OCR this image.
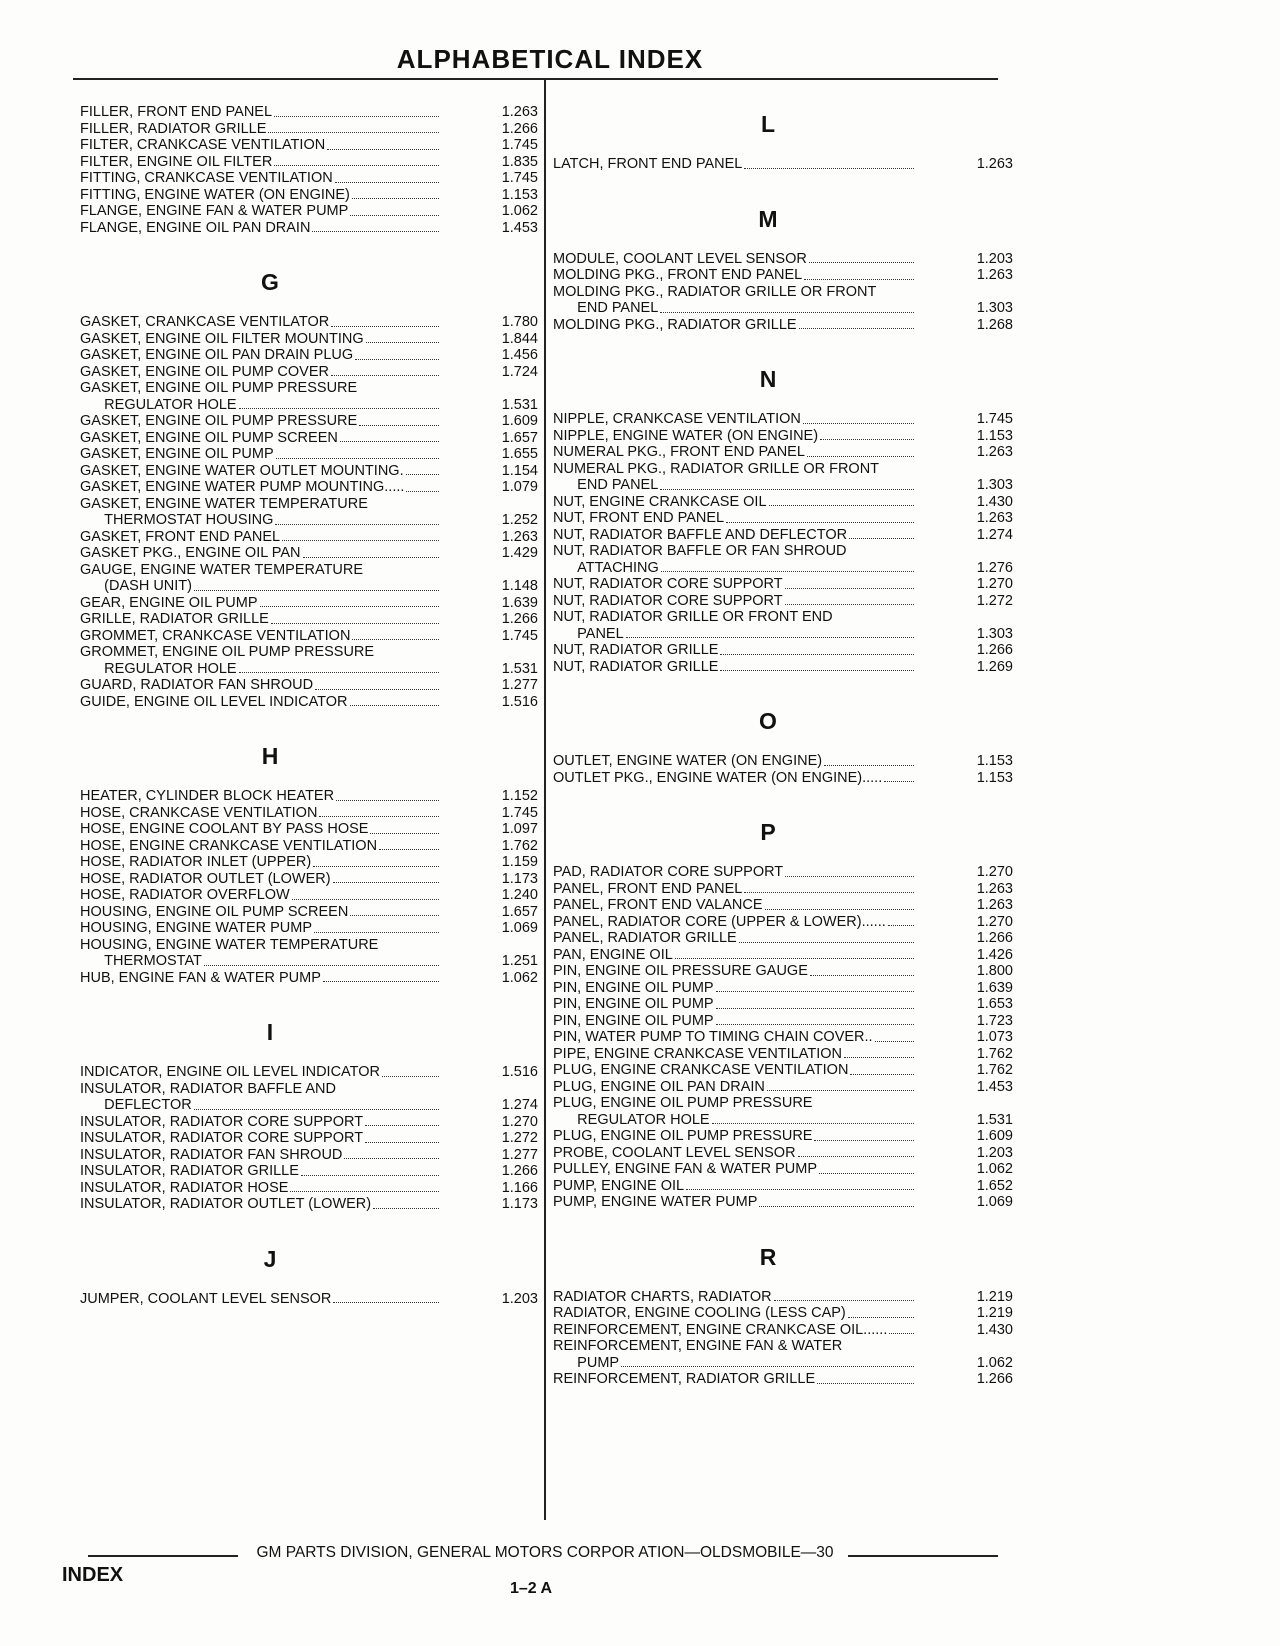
ALPHABETICAL INDEX
FILLER, FRONT END PANEL	1.263
FILLER, RADIATOR GRILLE	1.266
FILTER, CRANKCASE VENTILATION	1.745
FILTER, ENGINE OIL FILTER	1.835
FITTING, CRANKCASE VENTILATION	1.745
FITTING, ENGINE WATER (ON ENGINE)	1.153
FLANGE, ENGINE FAN & WATER PUMP	1.062
FLANGE, ENGINE OIL PAN DRAIN	1.453
G
GASKET, CRANKCASE VENTILATOR	1.780
GASKET, ENGINE OIL FILTER MOUNTING	1.844
GASKET, ENGINE OIL PAN DRAIN PLUG	1.456
GASKET, ENGINE OIL PUMP COVER	1.724
GASKET, ENGINE OIL PUMP PRESSURE
REGULATOR HOLE	1.531
GASKET, ENGINE OIL PUMP PRESSURE	1.609
GASKET, ENGINE OIL PUMP SCREEN	1.657
GASKET, ENGINE OIL PUMP	1.655
GASKET, ENGINE WATER OUTLET MOUNTING.	1.154
GASKET, ENGINE WATER PUMP MOUNTING.....	1.079
GASKET, ENGINE WATER TEMPERATURE
THERMOSTAT HOUSING	1.252
GASKET, FRONT END PANEL	1.263
GASKET PKG., ENGINE OIL PAN	1.429
GAUGE, ENGINE WATER TEMPERATURE
(DASH UNIT)	1.148
GEAR, ENGINE OIL PUMP	1.639
GRILLE, RADIATOR GRILLE	1.266
GROMMET, CRANKCASE VENTILATION	1.745
GROMMET, ENGINE OIL PUMP PRESSURE
REGULATOR HOLE	1.531
GUARD, RADIATOR FAN SHROUD	1.277
GUIDE, ENGINE OIL LEVEL INDICATOR	1.516
H
HEATER, CYLINDER BLOCK HEATER	1.152
HOSE, CRANKCASE VENTILATION	1.745
HOSE, ENGINE COOLANT BY PASS HOSE	1.097
HOSE, ENGINE CRANKCASE VENTILATION	1.762
HOSE, RADIATOR INLET (UPPER)	1.159
HOSE, RADIATOR OUTLET (LOWER)	1.173
HOSE, RADIATOR OVERFLOW	1.240
HOUSING, ENGINE OIL PUMP SCREEN	1.657
HOUSING, ENGINE WATER PUMP	1.069
HOUSING, ENGINE WATER TEMPERATURE
THERMOSTAT	1.251
HUB, ENGINE FAN & WATER PUMP	1.062
I
INDICATOR, ENGINE OIL LEVEL INDICATOR	1.516
INSULATOR, RADIATOR BAFFLE AND
DEFLECTOR	1.274
INSULATOR, RADIATOR CORE SUPPORT	1.270
INSULATOR, RADIATOR CORE SUPPORT	1.272
INSULATOR, RADIATOR FAN SHROUD	1.277
INSULATOR, RADIATOR GRILLE	1.266
INSULATOR, RADIATOR HOSE	1.166
INSULATOR, RADIATOR OUTLET (LOWER)	1.173
J
JUMPER, COOLANT LEVEL SENSOR	1.203
L
LATCH, FRONT END PANEL	1.263
M
MODULE, COOLANT LEVEL SENSOR	1.203
MOLDING PKG., FRONT END PANEL	1.263
MOLDING PKG., RADIATOR GRILLE OR FRONT
END PANEL	1.303
MOLDING PKG., RADIATOR GRILLE	1.268
N
NIPPLE, CRANKCASE VENTILATION	1.745
NIPPLE, ENGINE WATER (ON ENGINE)	1.153
NUMERAL PKG., FRONT END PANEL	1.263
NUMERAL PKG., RADIATOR GRILLE OR FRONT
END PANEL	1.303
NUT, ENGINE CRANKCASE OIL	1.430
NUT, FRONT END PANEL	1.263
NUT, RADIATOR BAFFLE AND DEFLECTOR	1.274
NUT, RADIATOR BAFFLE OR FAN SHROUD
ATTACHING	1.276
NUT, RADIATOR CORE SUPPORT	1.270
NUT, RADIATOR CORE SUPPORT	1.272
NUT, RADIATOR GRILLE OR FRONT END
PANEL	1.303
NUT, RADIATOR GRILLE	1.266
NUT, RADIATOR GRILLE	1.269
O
OUTLET, ENGINE WATER (ON ENGINE)	1.153
OUTLET PKG., ENGINE WATER (ON ENGINE).....	1.153
P
PAD, RADIATOR CORE SUPPORT	1.270
PANEL, FRONT END PANEL	1.263
PANEL, FRONT END VALANCE	1.263
PANEL, RADIATOR CORE (UPPER & LOWER)......	1.270
PANEL, RADIATOR GRILLE	1.266
PAN, ENGINE OIL	1.426
PIN, ENGINE OIL PRESSURE GAUGE	1.800
PIN, ENGINE OIL PUMP	1.639
PIN, ENGINE OIL PUMP	1.653
PIN, ENGINE OIL PUMP	1.723
PIN, WATER PUMP TO TIMING CHAIN COVER..	1.073
PIPE, ENGINE CRANKCASE VENTILATION	1.762
PLUG, ENGINE CRANKCASE VENTILATION	1.762
PLUG, ENGINE OIL PAN DRAIN	1.453
PLUG, ENGINE OIL PUMP PRESSURE
REGULATOR HOLE	1.531
PLUG, ENGINE OIL PUMP PRESSURE	1.609
PROBE, COOLANT LEVEL SENSOR	1.203
PULLEY, ENGINE FAN & WATER PUMP	1.062
PUMP, ENGINE OIL	1.652
PUMP, ENGINE WATER PUMP	1.069
R
RADIATOR CHARTS, RADIATOR	1.219
RADIATOR, ENGINE COOLING (LESS CAP)	1.219
REINFORCEMENT, ENGINE CRANKCASE OIL......	1.430
REINFORCEMENT, ENGINE FAN & WATER
PUMP	1.062
REINFORCEMENT, RADIATOR GRILLE	1.266
GM PARTS DIVISION, GENERAL MOTORS CORPOR ATION—OLDSMOBILE—30
INDEX
1–2 A
